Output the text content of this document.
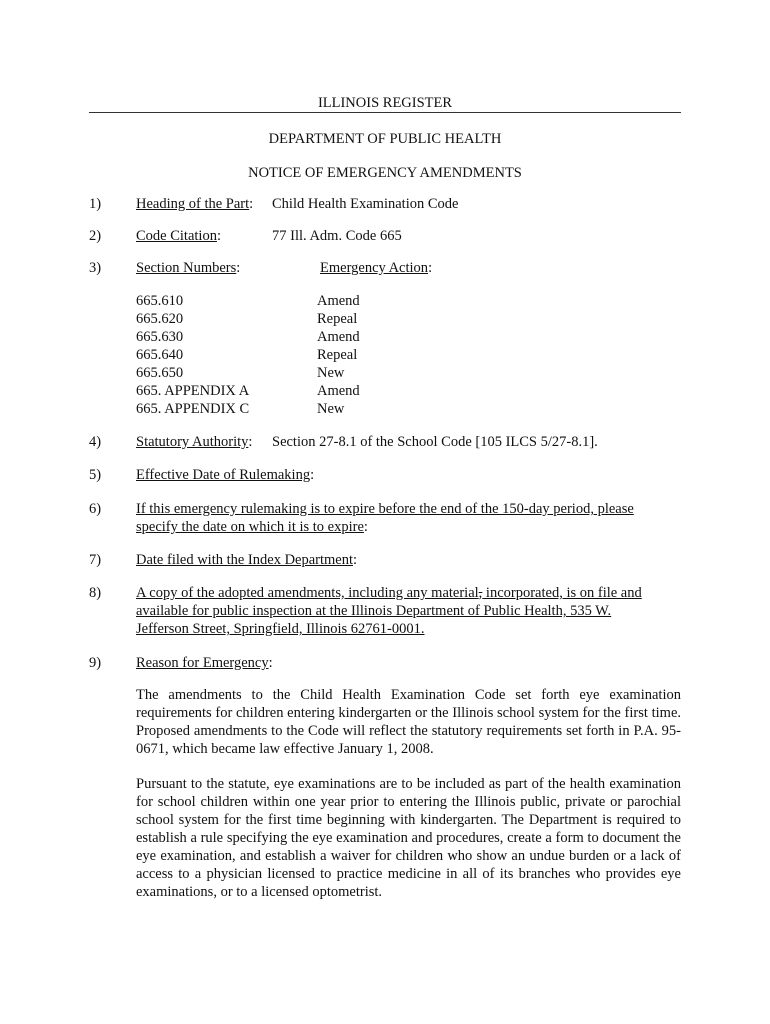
ILLINOIS REGISTER
DEPARTMENT OF PUBLIC HEALTH
NOTICE OF EMERGENCY AMENDMENTS
1) Heading of the Part: Child Health Examination Code
2) Code Citation:	77 Ill. Adm. Code 665
3) Section Numbers:	Emergency Action:
665.610	Amend
665.620	Repeal
665.630	Amend
665.640	Repeal
665.650	New
665. APPENDIX A	Amend
665. APPENDIX C	New
4) Statutory Authority: Section 27-8.1 of the School Code [105 ILCS 5/27-8.1].
5) Effective Date of Rulemaking:
6) If this emergency rulemaking is to expire before the end of the 150-day period, please
specify the date on which it is to expire:
7) Date filed with the Index Department:
8) A copy of the adopted amendments, including any material, incorporated, is on file and
available for public inspection at the Illinois Department of Public Health, 535 W.
Jefferson Street, Springfield, Illinois 62761-0001.
9) Reason for Emergency:
The amendments to the Child Health Examination Code set forth eye examination requirements for children entering kindergarten or the Illinois school system for the first time. Proposed amendments to the Code will reflect the statutory requirements set forth in P.A. 95-0671, which became law effective January 1, 2008.
Pursuant to the statute, eye examinations are to be included as part of the health examination for school children within one year prior to entering the Illinois public, private or parochial school system for the first time beginning with kindergarten. The Department is required to establish a rule specifying the eye examination and procedures, create a form to document the eye examination, and establish a waiver for children who show an undue burden or a lack of access to a physician licensed to practice medicine in all of its branches who provides eye examinations, or to a licensed optometrist.
